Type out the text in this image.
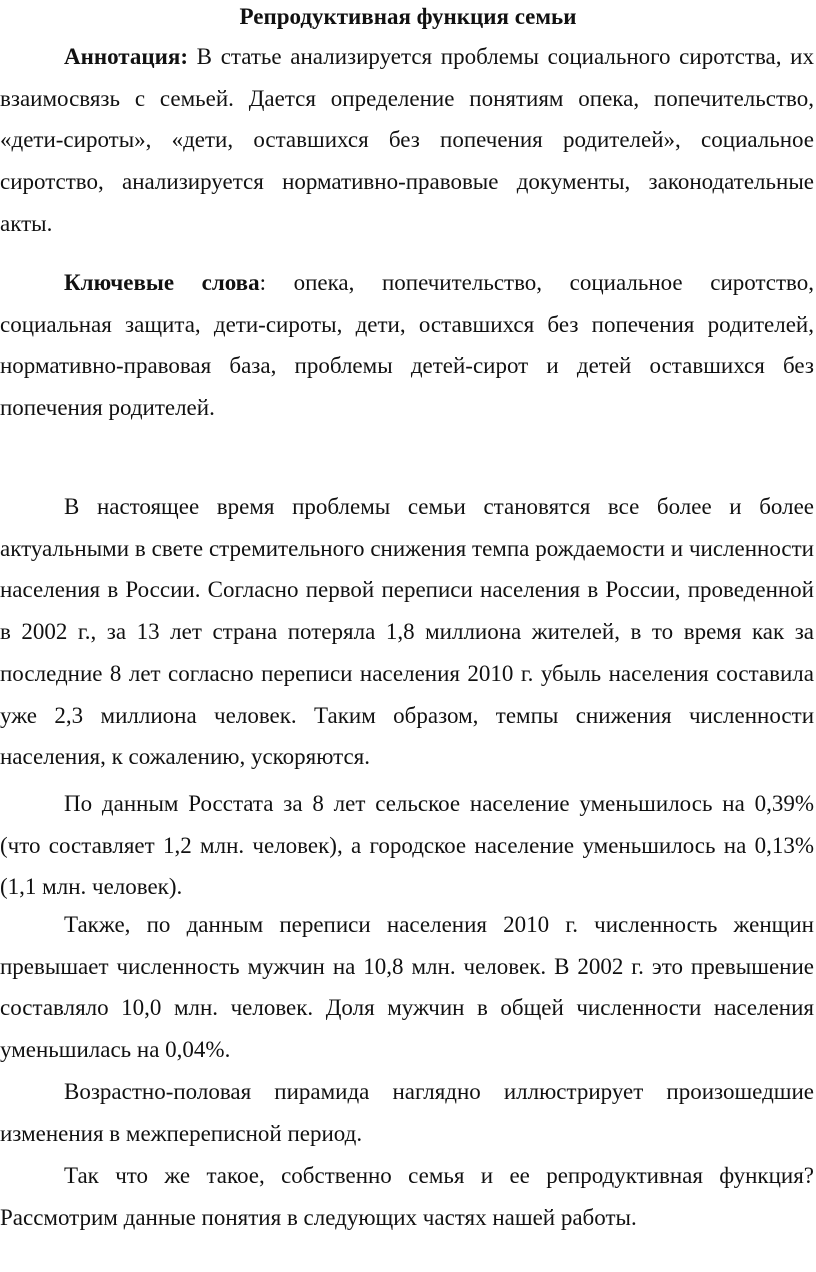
Репродуктивная функция семьи

Аннотация: В статье анализируется проблемы социального сиротства, их взаимосвязь с семьей. Дается определение понятиям опека, попечительство, «дети-сироты», «дети, оставшихся без попечения родителей», социальное сиротство, анализируется нормативно-правовые документы, законодательные акты.

Ключевые слова: опека, попечительство, социальное сиротство, социальная защита, дети-сироты, дети, оставшихся без попечения родителей, нормативно-правовая база, проблемы детей-сирот и детей оставшихся без попечения родителей.

В настоящее время проблемы семьи становятся все более и более актуальными в свете стремительного снижения темпа рождаемости и численности населения в России. Согласно первой переписи населения в России, проведенной в 2002 г., за 13 лет страна потеряла 1,8 миллиона жителей, в то время как за последние 8 лет согласно переписи населения 2010 г. убыль населения составила уже 2,3 миллиона человек. Таким образом, темпы снижения численности населения, к сожалению, ускоряются.

По данным Росстата за 8 лет сельское население уменьшилось на 0,39% (что составляет 1,2 млн. человек), а городское население уменьшилось на 0,13% (1,1 млн. человек).

Также, по данным переписи населения 2010 г. численность женщин превышает численность мужчин на 10,8 млн. человек. В 2002 г. это превышение составляло 10,0 млн. человек. Доля мужчин в общей численности населения уменьшилась на 0,04%.

Возрастно-половая пирамида наглядно иллюстрирует произошедшие изменения в межпереписной период.

Так что же такое, собственно семья и ее репродуктивная функция? Рассмотрим данные понятия в следующих частях нашей работы.
